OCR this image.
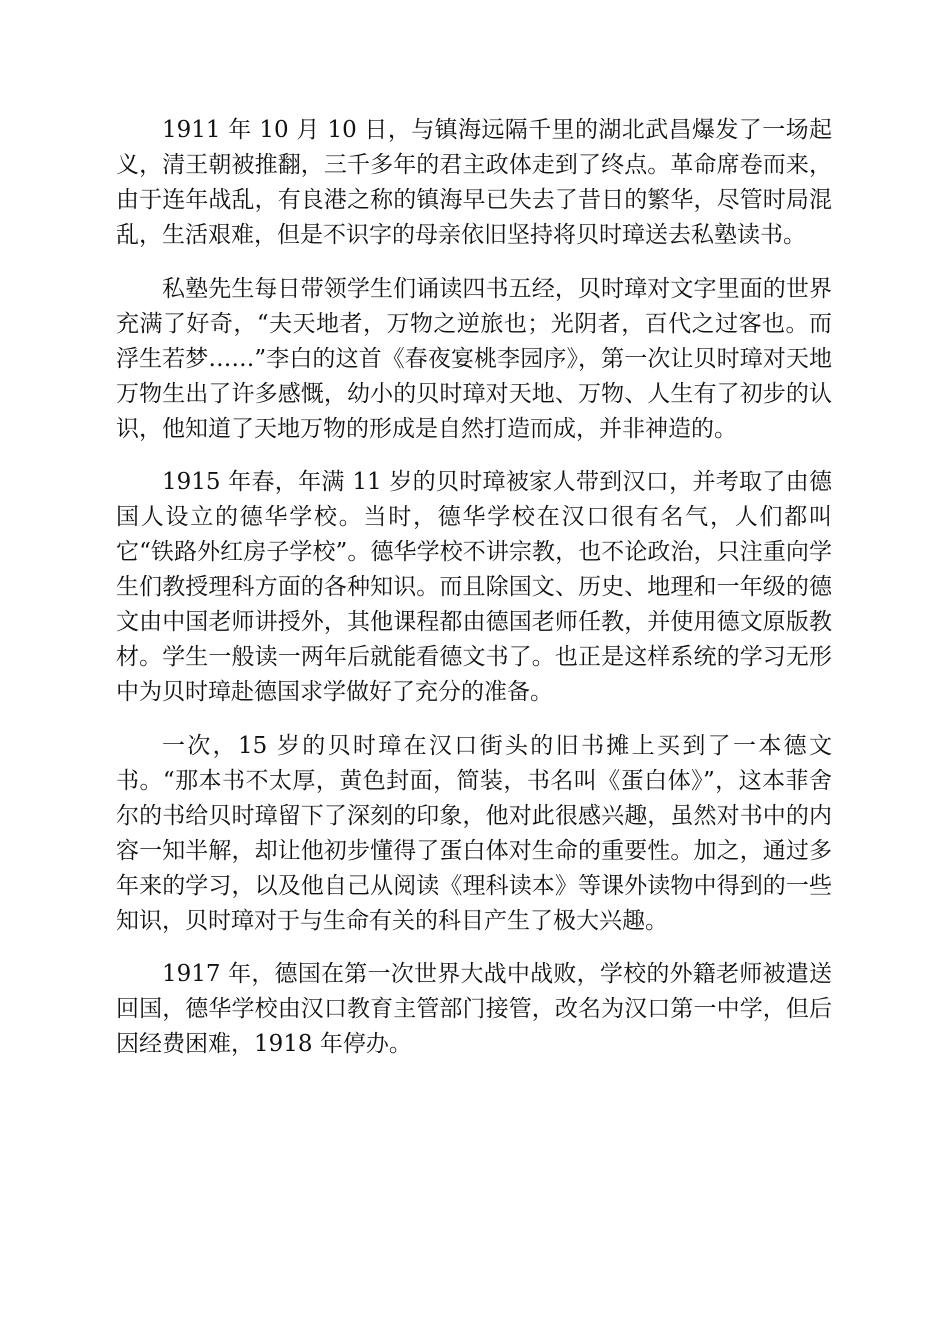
1911 年 10 月 10 日，与镇海远隔千里的湖北武昌爆发了一场起义，清王朝被推翻，三千多年的君主政体走到了终点。革命席卷而来，由于连年战乱，有良港之称的镇海早已失去了昔日的繁华，尽管时局混乱，生活艰难，但是不识字的母亲依旧坚持将贝时璋送去私塾读书。

私塾先生每日带领学生们诵读四书五经，贝时璋对文字里面的世界充满了好奇，“夫天地者，万物之逆旅也；光阴者，百代之过客也。而浮生若梦……”李白的这首《春夜宴桃李园序》，第一次让贝时璋对天地万物生出了许多感慨，幼小的贝时璋对天地、万物、人生有了初步的认识，他知道了天地万物的形成是自然打造而成，并非神造的。

1915 年春，年满 11 岁的贝时璋被家人带到汉口，并考取了由德国人设立的德华学校。当时，德华学校在汉口很有名气，人们都叫它“铁路外红房子学校”。德华学校不讲宗教，也不论政治，只注重向学生们教授理科方面的各种知识。而且除国文、历史、地理和一年级的德文由中国老师讲授外，其他课程都由德国老师任教，并使用德文原版教材。学生一般读一两年后就能看德文书了。也正是这样系统的学习无形中为贝时璋赴德国求学做好了充分的准备。

一次，15 岁的贝时璋在汉口街头的旧书摊上买到了一本德文书。“那本书不太厚，黄色封面，简装，书名叫《蛋白体》”，这本菲舍尔的书给贝时璋留下了深刻的印象，他对此很感兴趣，虽然对书中的内容一知半解，却让他初步懂得了蛋白体对生命的重要性。加之，通过多年来的学习，以及他自己从阅读《理科读本》等课外读物中得到的一些知识，贝时璋对于与生命有关的科目产生了极大兴趣。

1917 年，德国在第一次世界大战中战败，学校的外籍老师被遣送回国，德华学校由汉口教育主管部门接管，改名为汉口第一中学，但后因经费困难，1918 年停办。
